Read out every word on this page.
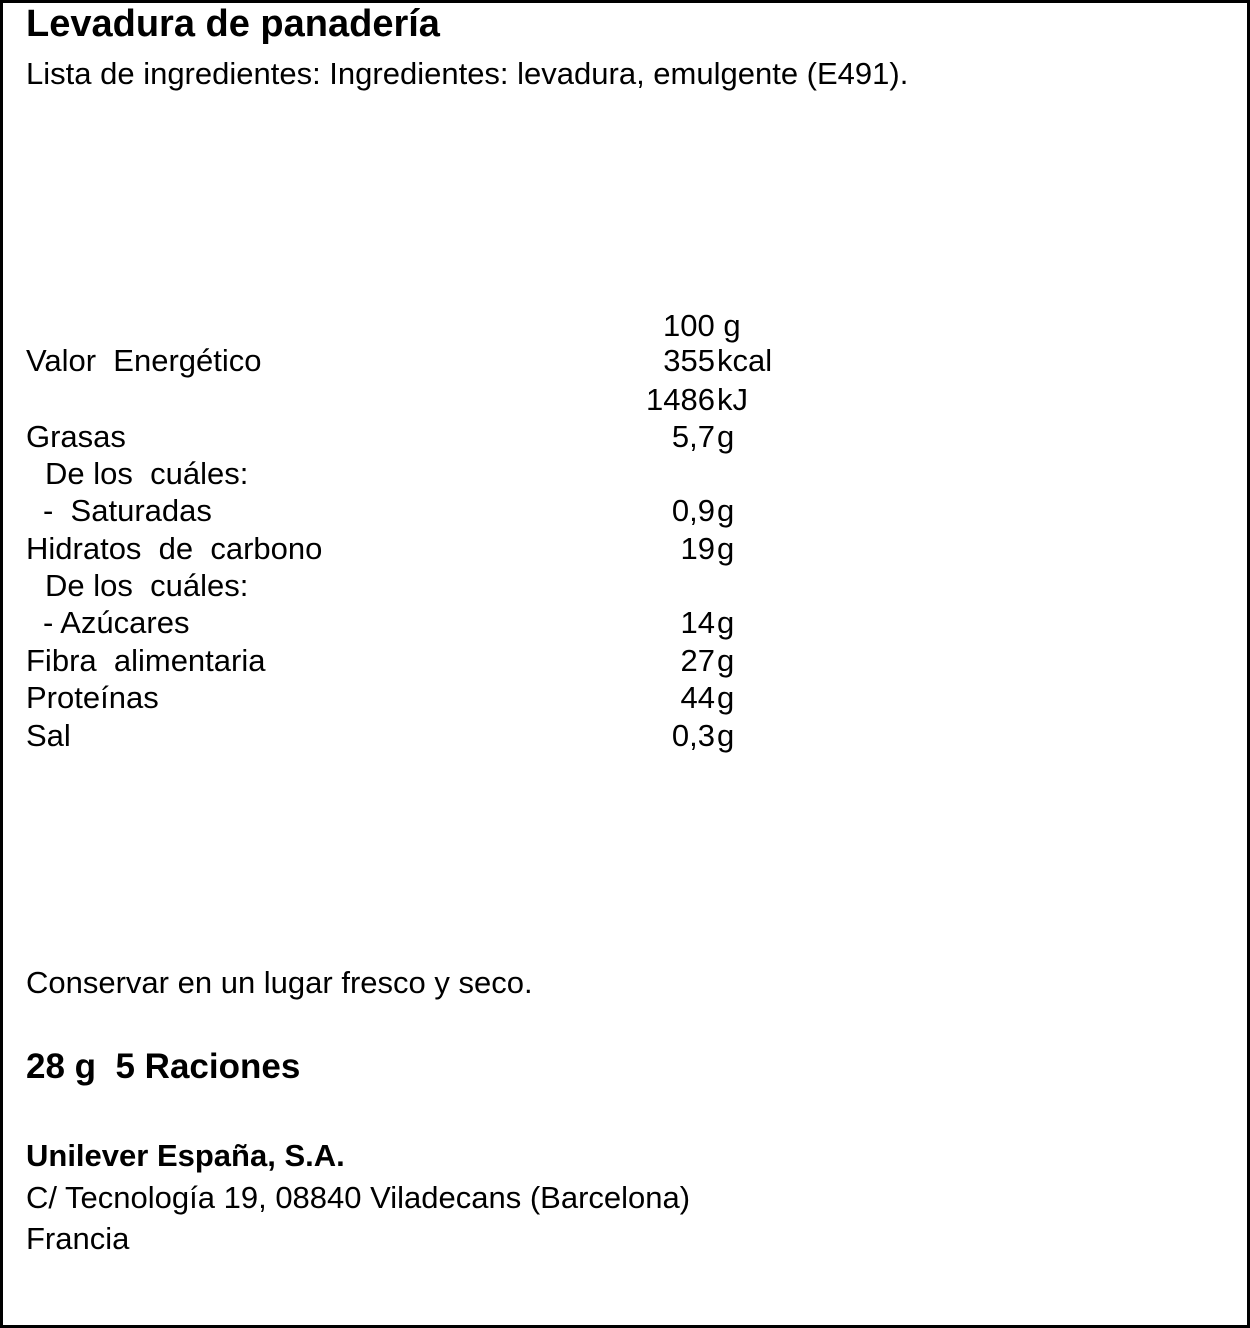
Levadura de panadería
Lista de ingredientes: Ingredientes: levadura, emulgente (E491).
100 g
Valor  Energético	355 kcal
1486 kJ
Grasas	5,7 g
De los  cuáles:
-  Saturadas	0,9 g
Hidratos  de  carbono	19 g
De los  cuáles:
- Azúcares	14 g
Fibra  alimentaria	27 g
Proteínas	44 g
Sal	0,3 g
Conservar en un lugar fresco y seco.
28 g  5 Raciones
Unilever España, S.A.
C/ Tecnología 19, 08840 Viladecans (Barcelona)
Francia
